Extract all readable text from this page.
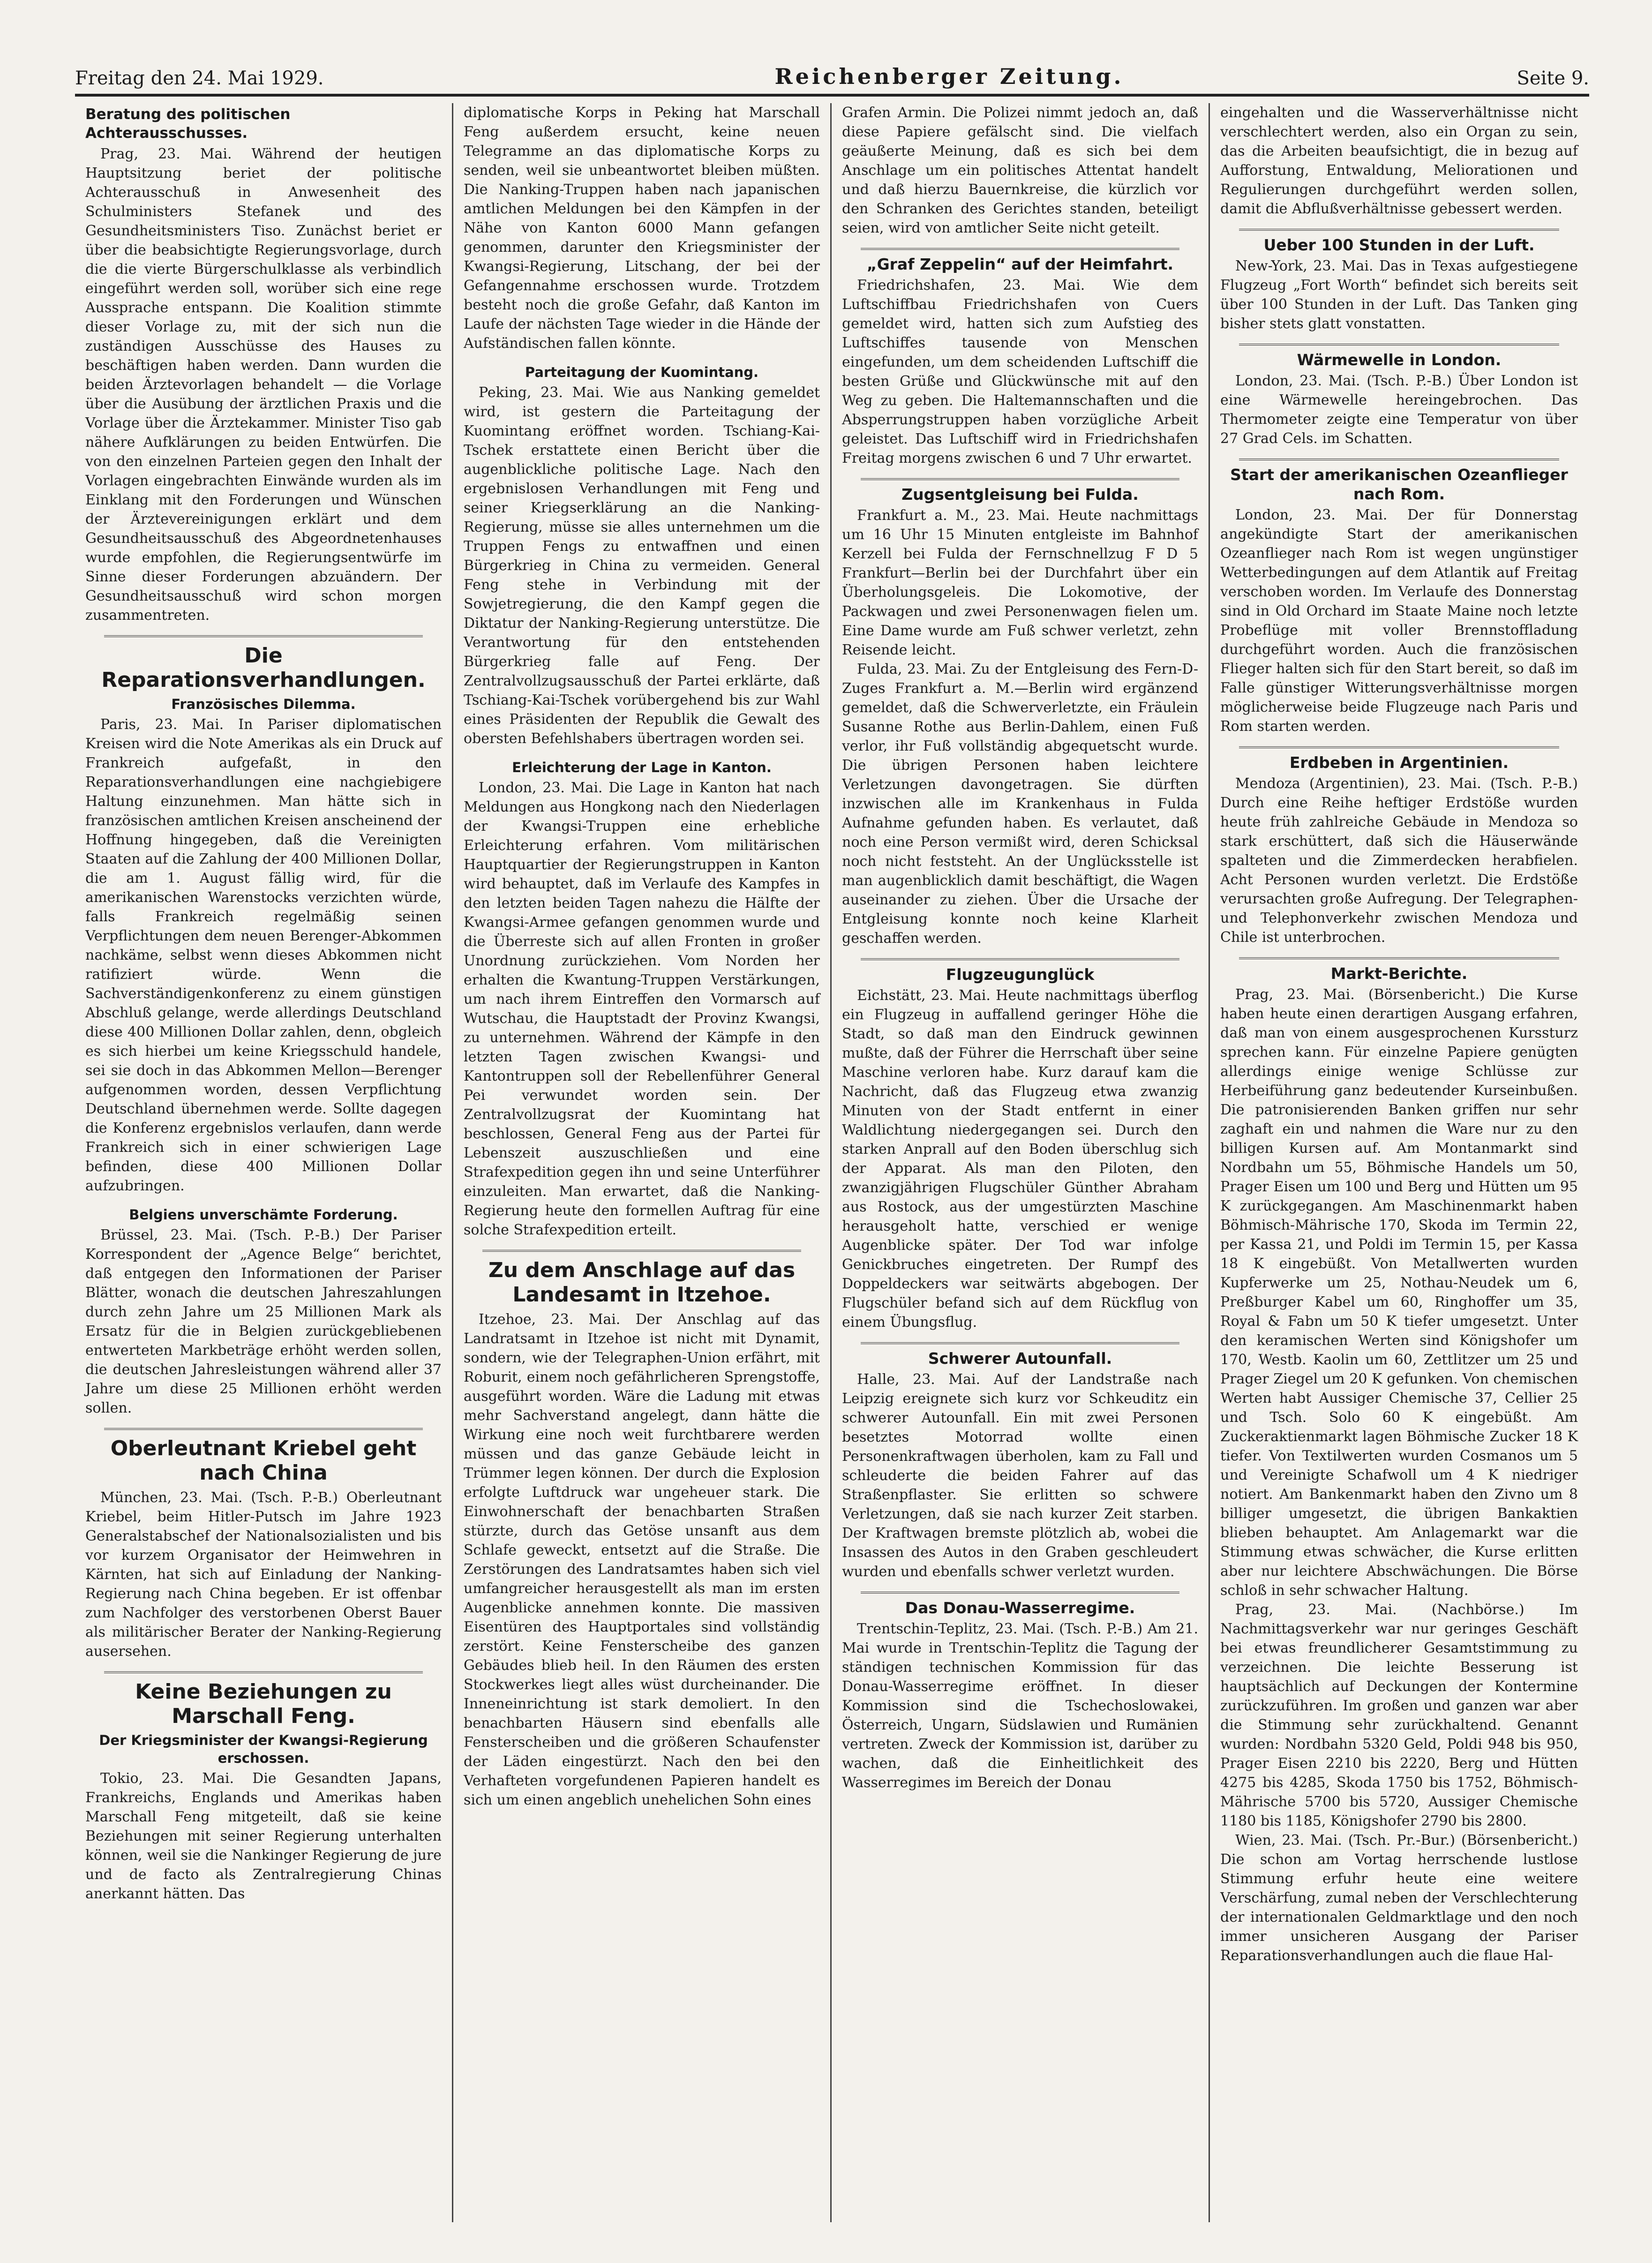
Freitag den 24. Mai 1929.	Reichenberger Zeitung.	Seite 9.
Beratung des politischen Achterausschusses.
Prag, 23. Mai. Während der heutigen Hauptsitzung beriet der politische Achterausschuß in Anwesenheit des Schulministers Stefanek und des Gesundheitsministers Tiso. Zunächst beriet er über die beabsichtigte Regierungsvorlage, durch die die vierte Bürgerschulklasse als verbindlich eingeführt werden soll, worüber sich eine rege Aussprache entspann. Die Koalition stimmte dieser Vorlage zu, mit der sich nun die zuständigen Ausschüsse des Hauses zu beschäftigen haben werden. Dann wurden die beiden Ärztevorlagen behandelt — die Vorlage über die Ausübung der ärztlichen Praxis und die Vorlage über die Ärztekammer. Minister Tiso gab nähere Aufklärungen zu beiden Entwürfen. Die von den einzelnen Parteien gegen den Inhalt der Vorlagen eingebrachten Einwände wurden als im Einklang mit den Forderungen und Wünschen der Ärztevereinigungen erklärt und dem Gesundheitsausschuß des Abgeordnetenhauses wurde empfohlen, die Regierungsentwürfe im Sinne dieser Forderungen abzuändern. Der Gesundheitsausschuß wird schon morgen zusammentreten.
Die Reparationsverhandlungen.
Französisches Dilemma.
Paris, 23. Mai. In Pariser diplomatischen Kreisen wird die Note Amerikas als ein Druck auf Frankreich aufgefaßt, in den Reparationsverhandlungen eine nachgiebigere Haltung einzunehmen. Man hätte sich in französischen amtlichen Kreisen anscheinend der Hoffnung hingegeben, daß die Vereinigten Staaten auf die Zahlung der 400 Millionen Dollar, die am 1. August fällig wird, für die amerikanischen Warenstocks verzichten würde, falls Frankreich regelmäßig seinen Verpflichtungen dem neuen Berenger-Abkommen nachkäme, selbst wenn dieses Abkommen nicht ratifiziert würde. Wenn die Sachverständigenkonferenz zu einem günstigen Abschluß gelange, werde allerdings Deutschland diese 400 Millionen Dollar zahlen, denn, obgleich es sich hierbei um keine Kriegsschuld handele, sei sie doch in das Abkommen Mellon—Berenger aufgenommen worden, dessen Verpflichtung Deutschland übernehmen werde. Sollte dagegen die Konferenz ergebnislos verlaufen, dann werde Frankreich sich in einer schwierigen Lage befinden, diese 400 Millionen Dollar aufzubringen.
Belgiens unverschämte Forderung.
Brüssel, 23. Mai. (Tsch. P.-B.) Der Pariser Korrespondent der „Agence Belge“ berichtet, daß entgegen den Informationen der Pariser Blätter, wonach die deutschen Jahreszahlungen durch zehn Jahre um 25 Millionen Mark als Ersatz für die in Belgien zurückgebliebenen entwerteten Markbeträge erhöht werden sollen, die deutschen Jahresleistungen während aller 37 Jahre um diese 25 Millionen erhöht werden sollen.
Oberleutnant Kriebel geht nach China
München, 23. Mai. (Tsch. P.-B.) Oberleutnant Kriebel, beim Hitler-Putsch im Jahre 1923 Generalstabschef der Nationalsozialisten und bis vor kurzem Organisator der Heimwehren in Kärnten, hat sich auf Einladung der Nanking-Regierung nach China begeben. Er ist offenbar zum Nachfolger des verstorbenen Oberst Bauer als militärischer Berater der Nanking-Regierung ausersehen.
Keine Beziehungen zu Marschall Feng.
Der Kriegsminister der Kwangsi-Regierung erschossen.
Tokio, 23. Mai. Die Gesandten Japans, Frankreichs, Englands und Amerikas haben Marschall Feng mitgeteilt, daß sie keine Beziehungen mit seiner Regierung unterhalten können, weil sie die Nankinger Regierung de jure und de facto als Zentralregierung Chinas anerkannt hätten. Das
diplomatische Korps in Peking hat Marschall Feng außerdem ersucht, keine neuen Telegramme an das diplomatische Korps zu senden, weil sie unbeantwortet bleiben müßten. Die Nanking-Truppen haben nach japanischen amtlichen Meldungen bei den Kämpfen in der Nähe von Kanton 6000 Mann gefangen genommen, darunter den Kriegsminister der Kwangsi-Regierung, Litschang, der bei der Gefangennahme erschossen wurde. Trotzdem besteht noch die große Gefahr, daß Kanton im Laufe der nächsten Tage wieder in die Hände der Aufständischen fallen könnte.
Parteitagung der Kuomintang.
Peking, 23. Mai. Wie aus Nanking gemeldet wird, ist gestern die Parteitagung der Kuomintang eröffnet worden. Tschiang-Kai-Tschek erstattete einen Bericht über die augenblickliche politische Lage. Nach den ergebnislosen Verhandlungen mit Feng und seiner Kriegserklärung an die Nanking-Regierung, müsse sie alles unternehmen um die Truppen Fengs zu entwaffnen und einen Bürgerkrieg in China zu vermeiden. General Feng stehe in Verbindung mit der Sowjetregierung, die den Kampf gegen die Diktatur der Nanking-Regierung unterstütze. Die Verantwortung für den entstehenden Bürgerkrieg falle auf Feng. Der Zentralvollzugsausschuß der Partei erklärte, daß Tschiang-Kai-Tschek vorübergehend bis zur Wahl eines Präsidenten der Republik die Gewalt des obersten Befehlshabers übertragen worden sei.
Erleichterung der Lage in Kanton.
London, 23. Mai. Die Lage in Kanton hat nach Meldungen aus Hongkong nach den Niederlagen der Kwangsi-Truppen eine erhebliche Erleichterung erfahren. Vom militärischen Hauptquartier der Regierungstruppen in Kanton wird behauptet, daß im Verlaufe des Kampfes in den letzten beiden Tagen nahezu die Hälfte der Kwangsi-Armee gefangen genommen wurde und die Überreste sich auf allen Fronten in großer Unordnung zurückziehen. Vom Norden her erhalten die Kwantung-Truppen Verstärkungen, um nach ihrem Eintreffen den Vormarsch auf Wutschau, die Hauptstadt der Provinz Kwangsi, zu unternehmen. Während der Kämpfe in den letzten Tagen zwischen Kwangsi- und Kantontruppen soll der Rebellenführer General Pei verwundet worden sein. Der Zentralvollzugsrat der Kuomintang hat beschlossen, General Feng aus der Partei für Lebenszeit auszuschließen und eine Strafexpedition gegen ihn und seine Unterführer einzuleiten. Man erwartet, daß die Nanking-Regierung heute den formellen Auftrag für eine solche Strafexpedition erteilt.
Zu dem Anschlage auf das Landesamt in Itzehoe.
Itzehoe, 23. Mai. Der Anschlag auf das Landratsamt in Itzehoe ist nicht mit Dynamit, sondern, wie der Telegraphen-Union erfährt, mit Roburit, einem noch gefährlicheren Sprengstoffe, ausgeführt worden. Wäre die Ladung mit etwas mehr Sachverstand angelegt, dann hätte die Wirkung eine noch weit furchtbarere werden müssen und das ganze Gebäude leicht in Trümmer legen können. Der durch die Explosion erfolgte Luftdruck war ungeheuer stark. Die Einwohnerschaft der benachbarten Straßen stürzte, durch das Getöse unsanft aus dem Schlafe geweckt, entsetzt auf die Straße. Die Zerstörungen des Landratsamtes haben sich viel umfangreicher herausgestellt als man im ersten Augenblicke annehmen konnte. Die massiven Eisentüren des Hauptportales sind vollständig zerstört. Keine Fensterscheibe des ganzen Gebäudes blieb heil. In den Räumen des ersten Stockwerkes liegt alles wüst durcheinander. Die Inneneinrichtung ist stark demoliert. In den benachbarten Häusern sind ebenfalls alle Fensterscheiben und die größeren Schaufenster der Läden eingestürzt. Nach den bei den Verhafteten vorgefundenen Papieren handelt es sich um einen angeblich unehelichen Sohn eines
Grafen Armin. Die Polizei nimmt jedoch an, daß diese Papiere gefälscht sind. Die vielfach geäußerte Meinung, daß es sich bei dem Anschlage um ein politisches Attentat handelt und daß hierzu Bauernkreise, die kürzlich vor den Schranken des Gerichtes standen, beteiligt seien, wird von amtlicher Seite nicht geteilt.
„Graf Zeppelin“ auf der Heimfahrt.
Friedrichshafen, 23. Mai. Wie dem Luftschiffbau Friedrichshafen von Cuers gemeldet wird, hatten sich zum Aufstieg des Luftschiffes tausende von Menschen eingefunden, um dem scheidenden Luftschiff die besten Grüße und Glückwünsche mit auf den Weg zu geben. Die Haltemannschaften und die Absperrungstruppen haben vorzügliche Arbeit geleistet. Das Luftschiff wird in Friedrichshafen Freitag morgens zwischen 6 und 7 Uhr erwartet.
Zugsentgleisung bei Fulda.
Frankfurt a. M., 23. Mai. Heute nachmittags um 16 Uhr 15 Minuten entgleiste im Bahnhof Kerzell bei Fulda der Fernschnellzug F D 5 Frankfurt—Berlin bei der Durchfahrt über ein Überholungsgeleis. Die Lokomotive, der Packwagen und zwei Personenwagen fielen um. Eine Dame wurde am Fuß schwer verletzt, zehn Reisende leicht.
Fulda, 23. Mai. Zu der Entgleisung des Fern-D-Zuges Frankfurt a. M.—Berlin wird ergänzend gemeldet, daß die Schwerverletzte, ein Fräulein Susanne Rothe aus Berlin-Dahlem, einen Fuß verlor, ihr Fuß vollständig abgequetscht wurde. Die übrigen Personen haben leichtere Verletzungen davongetragen. Sie dürften inzwischen alle im Krankenhaus in Fulda Aufnahme gefunden haben. Es verlautet, daß noch eine Person vermißt wird, deren Schicksal noch nicht feststeht. An der Unglücksstelle ist man augenblicklich damit beschäftigt, die Wagen auseinander zu ziehen. Über die Ursache der Entgleisung konnte noch keine Klarheit geschaffen werden.
Flugzeugunglück
Eichstätt, 23. Mai. Heute nachmittags überflog ein Flugzeug in auffallend geringer Höhe die Stadt, so daß man den Eindruck gewinnen mußte, daß der Führer die Herrschaft über seine Maschine verloren habe. Kurz darauf kam die Nachricht, daß das Flugzeug etwa zwanzig Minuten von der Stadt entfernt in einer Waldlichtung niedergegangen sei. Durch den starken Anprall auf den Boden überschlug sich der Apparat. Als man den Piloten, den zwanzigjährigen Flugschüler Günther Abraham aus Rostock, aus der umgestürzten Maschine herausgeholt hatte, verschied er wenige Augenblicke später. Der Tod war infolge Genickbruches eingetreten. Der Rumpf des Doppeldeckers war seitwärts abgebogen. Der Flugschüler befand sich auf dem Rückflug von einem Übungsflug.
Schwerer Autounfall.
Halle, 23. Mai. Auf der Landstraße nach Leipzig ereignete sich kurz vor Schkeuditz ein schwerer Autounfall. Ein mit zwei Personen besetztes Motorrad wollte einen Personenkraftwagen überholen, kam zu Fall und schleuderte die beiden Fahrer auf das Straßenpflaster. Sie erlitten so schwere Verletzungen, daß sie nach kurzer Zeit starben. Der Kraftwagen bremste plötzlich ab, wobei die Insassen des Autos in den Graben geschleudert wurden und ebenfalls schwer verletzt wurden.
Das Donau-Wasserregime.
Trentschin-Teplitz, 23. Mai. (Tsch. P.-B.) Am 21. Mai wurde in Trentschin-Teplitz die Tagung der ständigen technischen Kommission für das Donau-Wasserregime eröffnet. In dieser Kommission sind die Tschechoslowakei, Österreich, Ungarn, Südslawien und Rumänien vertreten. Zweck der Kommission ist, darüber zu wachen, daß die Einheitlichkeit des Wasserregimes im Bereich der Donau
eingehalten und die Wasserverhältnisse nicht verschlechtert werden, also ein Organ zu sein, das die Arbeiten beaufsichtigt, die in bezug auf Aufforstung, Entwaldung, Meliorationen und Regulierungen durchgeführt werden sollen, damit die Abflußverhältnisse gebessert werden.
Ueber 100 Stunden in der Luft.
New-York, 23. Mai. Das in Texas aufgestiegene Flugzeug „Fort Worth“ befindet sich bereits seit über 100 Stunden in der Luft. Das Tanken ging bisher stets glatt vonstatten.
Wärmewelle in London.
London, 23. Mai. (Tsch. P.-B.) Über London ist eine Wärmewelle hereingebrochen. Das Thermometer zeigte eine Temperatur von über 27 Grad Cels. im Schatten.
Start der amerikanischen Ozeanflieger nach Rom.
London, 23. Mai. Der für Donnerstag angekündigte Start der amerikanischen Ozeanflieger nach Rom ist wegen ungünstiger Wetterbedingungen auf dem Atlantik auf Freitag verschoben worden. Im Verlaufe des Donnerstag sind in Old Orchard im Staate Maine noch letzte Probeflüge mit voller Brennstoffladung durchgeführt worden. Auch die französischen Flieger halten sich für den Start bereit, so daß im Falle günstiger Witterungsverhältnisse morgen möglicherweise beide Flugzeuge nach Paris und Rom starten werden.
Erdbeben in Argentinien.
Mendoza (Argentinien), 23. Mai. (Tsch. P.-B.) Durch eine Reihe heftiger Erdstöße wurden heute früh zahlreiche Gebäude in Mendoza so stark erschüttert, daß sich die Häuserwände spalteten und die Zimmerdecken herabfielen. Acht Personen wurden verletzt. Die Erdstöße verursachten große Aufregung. Der Telegraphen- und Telephonverkehr zwischen Mendoza und Chile ist unterbrochen.
Markt-Berichte.
Prag, 23. Mai. (Börsenbericht.) Die Kurse haben heute einen derartigen Ausgang erfahren, daß man von einem ausgesprochenen Kurssturz sprechen kann. Für einzelne Papiere genügten allerdings einige wenige Schlüsse zur Herbeiführung ganz bedeutender Kurseinbußen. Die patronisierenden Banken griffen nur sehr zaghaft ein und nahmen die Ware nur zu den billigen Kursen auf. Am Montanmarkt sind Nordbahn um 55, Böhmische Handels um 50, Prager Eisen um 100 und Berg und Hütten um 95 K zurückgegangen. Am Maschinenmarkt haben Böhmisch-Mährische 170, Skoda im Termin 22, per Kassa 21, und Poldi im Termin 15, per Kassa 18 K eingebüßt. Von Metallwerten wurden Kupferwerke um 25, Nothau-Neudek um 6, Preßburger Kabel um 60, Ringhoffer um 35, Royal & Fabn um 50 K tiefer umgesetzt. Unter den keramischen Werten sind Königshofer um 170, Westb. Kaolin um 60, Zettlitzer um 25 und Prager Ziegel um 20 K gefunken. Von chemischen Werten habt Aussiger Chemische 37, Cellier 25 und Tsch. Solo 60 K eingebüßt. Am Zuckeraktienmarkt lagen Böhmische Zucker 18 K tiefer. Von Textilwerten wurden Cosmanos um 5 und Vereinigte Schafwoll um 4 K niedriger notiert. Am Bankenmarkt haben den Zivno um 8 billiger umgesetzt, die übrigen Bankaktien blieben behauptet. Am Anlagemarkt war die Stimmung etwas schwächer, die Kurse erlitten aber nur leichtere Abschwächungen. Die Börse schloß in sehr schwacher Haltung.
Prag, 23. Mai. (Nachbörse.) Im Nachmittagsverkehr war nur geringes Geschäft bei etwas freundlicherer Gesamtstimmung zu verzeichnen. Die leichte Besserung ist hauptsächlich auf Deckungen der Kontermine zurückzuführen. Im großen und ganzen war aber die Stimmung sehr zurückhaltend. Genannt wurden: Nordbahn 5320 Geld, Poldi 948 bis 950, Prager Eisen 2210 bis 2220, Berg und Hütten 4275 bis 4285, Skoda 1750 bis 1752, Böhmisch-Mährische 5700 bis 5720, Aussiger Chemische 1180 bis 1185, Königshofer 2790 bis 2800.
Wien, 23. Mai. (Tsch. Pr.-Bur.) (Börsenbericht.) Die schon am Vortag herrschende lustlose Stimmung erfuhr heute eine weitere Verschärfung, zumal neben der Verschlechterung der internationalen Geldmarktlage und den noch immer unsicheren Ausgang der Pariser Reparationsverhandlungen auch die flaue Hal-
